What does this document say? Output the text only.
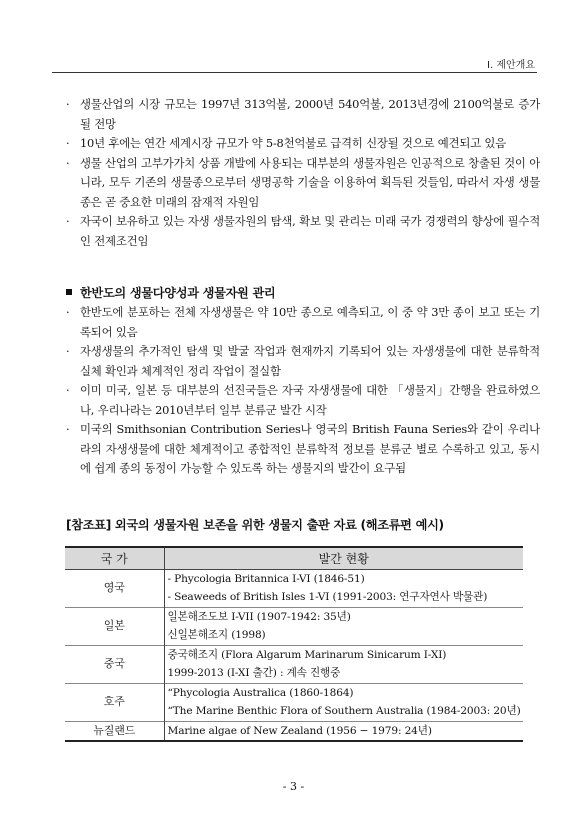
I. 제안개요
· 생물산업의 시장 규모는 1997년 313억불, 2000년 540억불, 2013년경에 2100억불로 증가될 전망
· 10년 후에는 연간 세계시장 규모가 약 5-8천억불로 급격히 신장될 것으로 예견되고 있음
· 생물 산업의 고부가가치 상품 개발에 사용되는 대부분의 생물자원은 인공적으로 창출된 것이 아니라, 모두 기존의 생물종으로부터 생명공학 기술을 이용하여 획득된 것들임, 따라서 자생 생물종은 곧 중요한 미래의 잠재적 자원임
· 자국이 보유하고 있는 자생 생물자원의 탐색, 확보 및 관리는 미래 국가 경쟁력의 향상에 필수적인 전제조건임
한반도의 생물다양성과 생물자원 관리
· 한반도에 분포하는 전체 자생생물은 약 10만 종으로 예측되고, 이 중 약 3만 종이 보고 또는 기록되어 있음
· 자생생물의 추가적인 탐색 및 발굴 작업과 현재까지 기록되어 있는 자생생물에 대한 분류학적 실체 확인과 체계적인 정리 작업이 절실함
· 이미 미국, 일본 등 대부분의 선진국들은 자국 자생생물에 대한 「생물지」간행을 완료하였으나, 우리나라는 2010년부터 일부 분류군 발간 시작
· 미국의 Smithsonian Contribution Series나 영국의 British Fauna Series와 같이 우리나라의 자생생물에 대한 체계적이고 종합적인 분류학적 정보를 분류군 별로 수록하고 있고, 동시에 쉽게 종의 동정이 가능할 수 있도록 하는 생물지의 발간이 요구됨
[참조표] 외국의 생물자원 보존을 위한 생물지 출판 자료 (해조류편 예시)
국 가	발간 현황
영국	- Phycologia Britannica I-VI (1846-51)
- Seaweeds of British Isles 1-VI (1991-2003: 연구자연사 박물관)

일본	일본해조도보 I-VII (1907-1942: 35년)
신일본해조지 (1998)

중국	중국해조지 (Flora Algarum Marinarum Sinicarum I-XI)
1999-2013 (I-XI 출간) : 계속 진행중

호주	“Phycologia Australica (1860-1864)
“The Marine Benthic Flora of Southern Australia (1984-2003: 20년)

뉴질랜드	Marine algae of New Zealand (1956 − 1979: 24년)
- 3 -
